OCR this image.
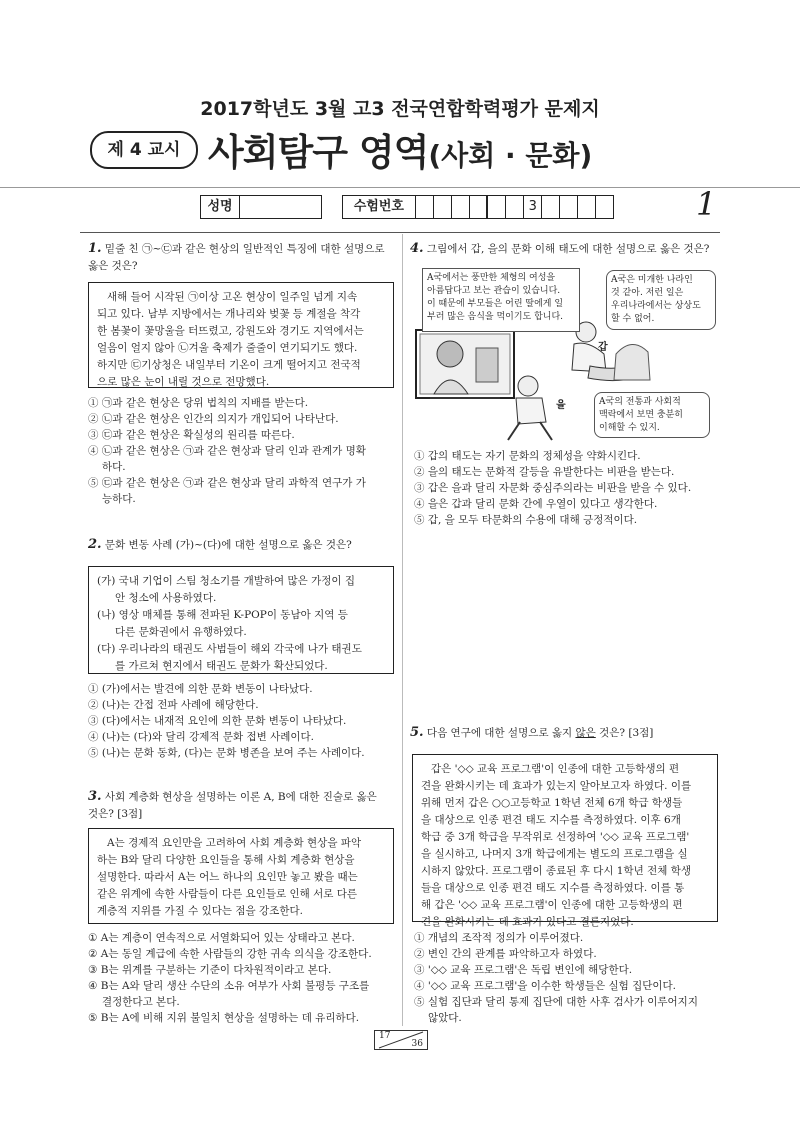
2017학년도 3월 고3 전국연합학력평가 문제지
제 4 교시 사회탐구 영역(사회 · 문화)
성명	수험번호	3	1
1. 밑줄 친 ㉠~㉢과 같은 현상의 일반적인 특징에 대한 설명으로 옳은 것은?
새해 들어 시작된 ㉠이상 고온 현상이 일주일 넘게 지속
되고 있다. 남부 지방에서는 개나리와 벚꽃 등 계절을 착각
한 봄꽃이 꽃망울을 터뜨렸고, 강원도와 경기도 지역에서는
얼음이 얼지 않아 ㉡겨울 축제가 줄줄이 연기되기도 했다.
하지만 ㉢기상청은 내일부터 기온이 크게 떨어지고 전국적
으로 많은 눈이 내릴 것으로 전망했다.
① ㉠과 같은 현상은 당위 법칙의 지배를 받는다.
② ㉡과 같은 현상은 인간의 의지가 개입되어 나타난다.
③ ㉢과 같은 현상은 확실성의 원리를 따른다.
④ ㉡과 같은 현상은 ㉠과 같은 현상과 달리 인과 관계가 명확
하다.
⑤ ㉢과 같은 현상은 ㉠과 같은 현상과 달리 과학적 연구가 가
능하다.
2. 문화 변동 사례 (가)~(다)에 대한 설명으로 옳은 것은?
(가) 국내 기업이 스팀 청소기를 개발하여 많은 가정이 집
안 청소에 사용하였다.
(나) 영상 매체를 통해 전파된 K-POP이 동남아 지역 등
다른 문화권에서 유행하였다.
(다) 우리나라의 태권도 사범들이 해외 각국에 나가 태권도
를 가르쳐 현지에서 태권도 문화가 확산되었다.
① (가)에서는 발견에 의한 문화 변동이 나타났다.
② (나)는 간접 전파 사례에 해당한다.
③ (다)에서는 내재적 요인에 의한 문화 변동이 나타났다.
④ (나)는 (다)와 달리 강제적 문화 접변 사례이다.
⑤ (나)는 문화 동화, (다)는 문화 병존을 보여 주는 사례이다.
3. 사회 계층화 현상을 설명하는 이론 A, B에 대한 진술로 옳은
것은? [3점]
A는 경제적 요인만을 고려하여 사회 계층화 현상을 파악
하는 B와 달리 다양한 요인들을 통해 사회 계층화 현상을
설명한다. 따라서 A는 어느 하나의 요인만 놓고 봤을 때는
같은 위계에 속한 사람들이 다른 요인들로 인해 서로 다른
계층적 지위를 가질 수 있다는 점을 강조한다.
① A는 계층이 연속적으로 서열화되어 있는 상태라고 본다.
② A는 동일 계급에 속한 사람들의 강한 귀속 의식을 강조한다.
③ B는 위계를 구분하는 기준이 다차원적이라고 본다.
④ B는 A와 달리 생산 수단의 소유 여부가 사회 불평등 구조를
결정한다고 본다.
⑤ B는 A에 비해 지위 불일치 현상을 설명하는 데 유리하다.
4. 그림에서 갑, 을의 문화 이해 태도에 대한 설명으로 옳은 것은?
A국에서는 풍만한 체형의 여성을
아름답다고 보는 관습이 있습니다.
이 때문에 부모들은 어린 딸에게 일
부러 많은 음식을 먹이기도 합니다.
A국은 미개한 나라인
것 같아. 저런 일은
우리나라에서는 상상도
할 수 없어.
갑
을	A국의 전통과 사회적
맥락에서 보면 충분히
이해할 수 있지.
① 갑의 태도는 자기 문화의 정체성을 약화시킨다.
② 을의 태도는 문화적 갈등을 유발한다는 비판을 받는다.
③ 갑은 을과 달리 자문화 중심주의라는 비판을 받을 수 있다.
④ 을은 갑과 달리 문화 간에 우열이 있다고 생각한다.
⑤ 갑, 을 모두 타문화의 수용에 대해 긍정적이다.
5. 다음 연구에 대한 설명으로 옳지 않은 것은? [3점]
갑은 '◇◇ 교육 프로그램'이 인종에 대한 고등학생의 편
견을 완화시키는 데 효과가 있는지 알아보고자 하였다. 이를
위해 먼저 갑은 ○○고등학교 1학년 전체 6개 학급 학생들
을 대상으로 인종 편견 태도 지수를 측정하였다. 이후 6개
학급 중 3개 학급을 무작위로 선정하여 '◇◇ 교육 프로그램'
을 실시하고, 나머지 3개 학급에게는 별도의 프로그램을 실
시하지 않았다. 프로그램이 종료된 후 다시 1학년 전체 학생
들을 대상으로 인종 편견 태도 지수를 측정하였다. 이를 통
해 갑은 '◇◇ 교육 프로그램'이 인종에 대한 고등학생의 편
견을 완화시키는 데 효과가 있다고 결론지었다.
① 개념의 조작적 정의가 이루어졌다.
② 변인 간의 관계를 파악하고자 하였다.
③ '◇◇ 교육 프로그램'은 독립 변인에 해당한다.
④ '◇◇ 교육 프로그램'을 이수한 학생들은 실험 집단이다.
⑤ 실험 집단과 달리 통제 집단에 대한 사후 검사가 이루어지지
않았다.
17
36
